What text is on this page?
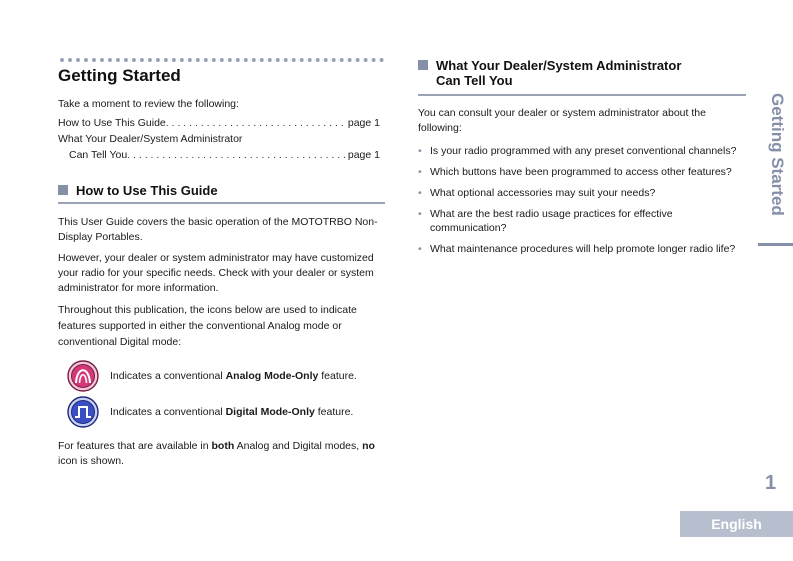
Getting Started
Take a moment to review the following:
How to Use This Guide . . .	page 1
What Your Dealer/System Administrator
Can Tell You . . .	page 1
How to Use This Guide
This User Guide covers the basic operation of the MOTOTRBO Non-Display Portables.
However, your dealer or system administrator may have customized your radio for your specific needs. Check with your dealer or system administrator for more information.
Throughout this publication, the icons below are used to indicate features supported in either the conventional Analog mode or conventional Digital mode:
Indicates a conventional Analog Mode-Only feature.
Indicates a conventional Digital Mode-Only feature.
For features that are available in both Analog and Digital modes, no icon is shown.
What Your Dealer/System Administrator
Can Tell You
You can consult your dealer or system administrator about the following:
• Is your radio programmed with any preset conventional channels?
• Which buttons have been programmed to access other features?
• What optional accessories may suit your needs?
• What are the best radio usage practices for effective communication?
• What maintenance procedures will help promote longer radio life?
Getting Started
1
English
